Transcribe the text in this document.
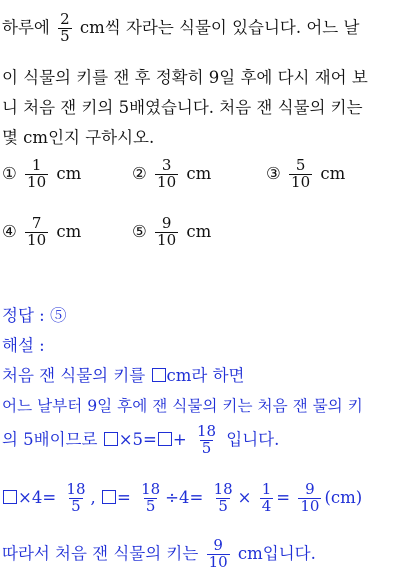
하루에 $\frac{2}{5}$ cm씩 자라는 식물이 있습니다. 어느 날
이 식물의 키를 잰 후 정확히 9일 후에 다시 재어 보
니 처음 잰 키의 5배였습니다. 처음 잰 식물의 키는
몇 cm인지 구하시오.
① $\frac{1}{10}$ cm	② $\frac{3}{10}$ cm	③ $\frac{5}{10}$ cm
④ $\frac{7}{10}$ cm	⑤ $\frac{9}{10}$ cm
정답 : ⑤
해설 :
처음 잰 식물의 키를 cm라 하면
어느 날부터 9일 후에 잰 식물의 키는 처음 잰 물의 키
의 5배이므로 $\times 5= + \frac{18}{5}$ 입니다.
$\times 4= \frac{18}{5}$ , = $\frac{18}{5} \div 4= \frac{18}{5} \times \frac{1}{4} = \frac{9}{10} (cm)$
따라서 처음 잰 식물의 키는 $\frac{9}{10}$ cm입니다.
